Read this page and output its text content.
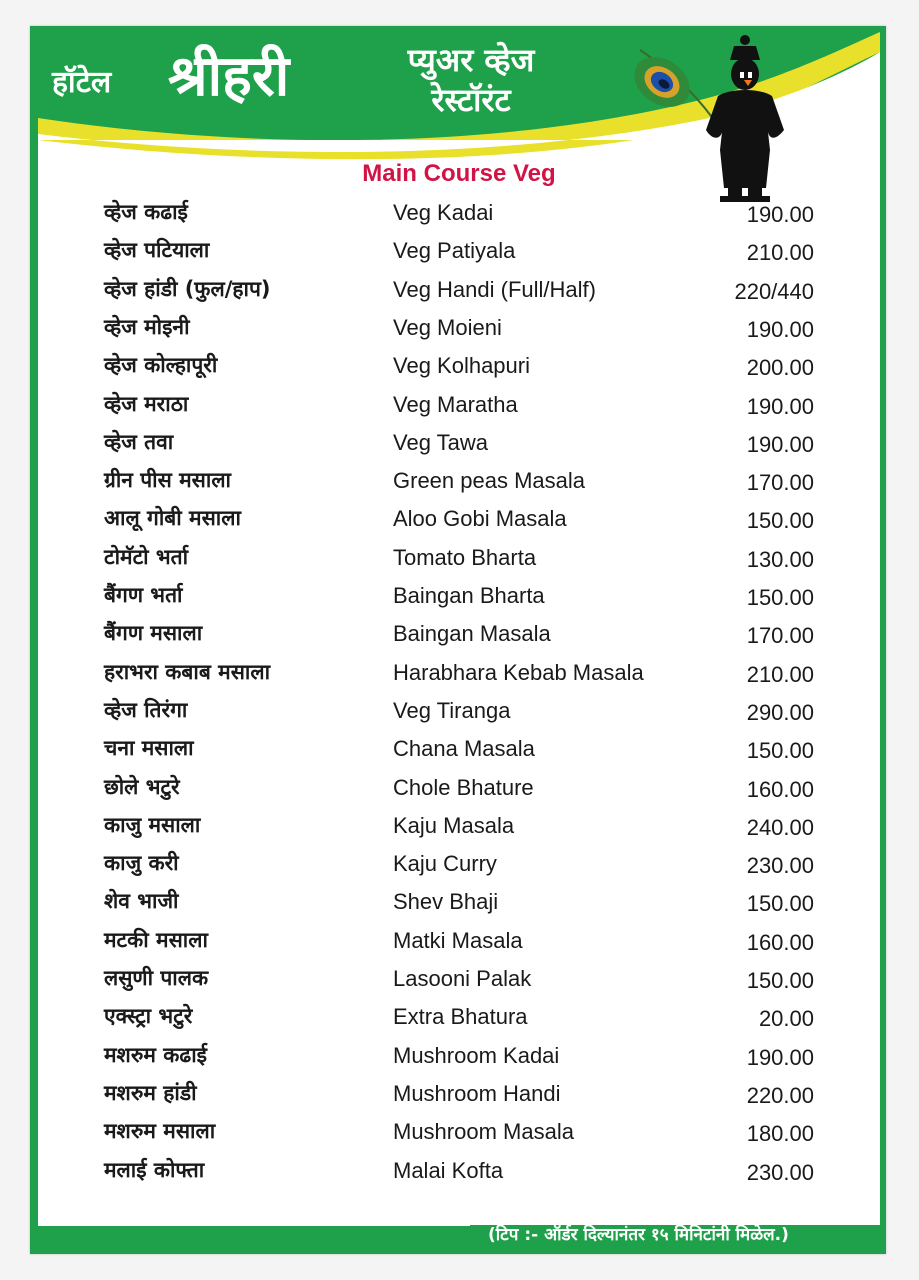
हॉटेल श्रीहरी	प्युअर व्हेज
रेस्टॉरंट
Main Course Veg
व्हेज कढाई	Veg Kadai	190.00
व्हेज पटियाला	Veg Patiyala	210.00
व्हेज हांडी (फुल/हाप)	Veg Handi (Full/Half)	220/440
व्हेज मोइनी	Veg Moieni	190.00
व्हेज कोल्हापूरी	Veg Kolhapuri	200.00
व्हेज मराठा	Veg Maratha	190.00
व्हेज तवा	Veg Tawa	190.00
ग्रीन पीस मसाला	Green peas Masala	170.00
आलू गोबी मसाला	Aloo Gobi Masala	150.00
टोमॅटो भर्ता	Tomato Bharta	130.00
बैंगण भर्ता	Baingan Bharta	150.00
बैंगण मसाला	Baingan Masala	170.00
हराभरा कबाब मसाला	Harabhara Kebab Masala	210.00
व्हेज तिरंगा	Veg Tiranga	290.00
चना मसाला	Chana Masala	150.00
छोले भटुरे	Chole Bhature	160.00
काजु मसाला	Kaju Masala	240.00
काजु करी	Kaju Curry	230.00
शेव भाजी	Shev Bhaji	150.00
मटकी मसाला	Matki Masala	160.00
लसुणी पालक	Lasooni Palak	150.00
एक्स्ट्रा भटुरे	Extra Bhatura	20.00
मशरुम कढाई	Mushroom Kadai	190.00
मशरुम हांडी	Mushroom Handi	220.00
मशरुम मसाला	Mushroom Masala	180.00
मलाई कोफ्ता	Malai Kofta	230.00
(टिप :- ऑर्डर दिल्यानंतर १५ मिनिटांनी मिळेल.)
